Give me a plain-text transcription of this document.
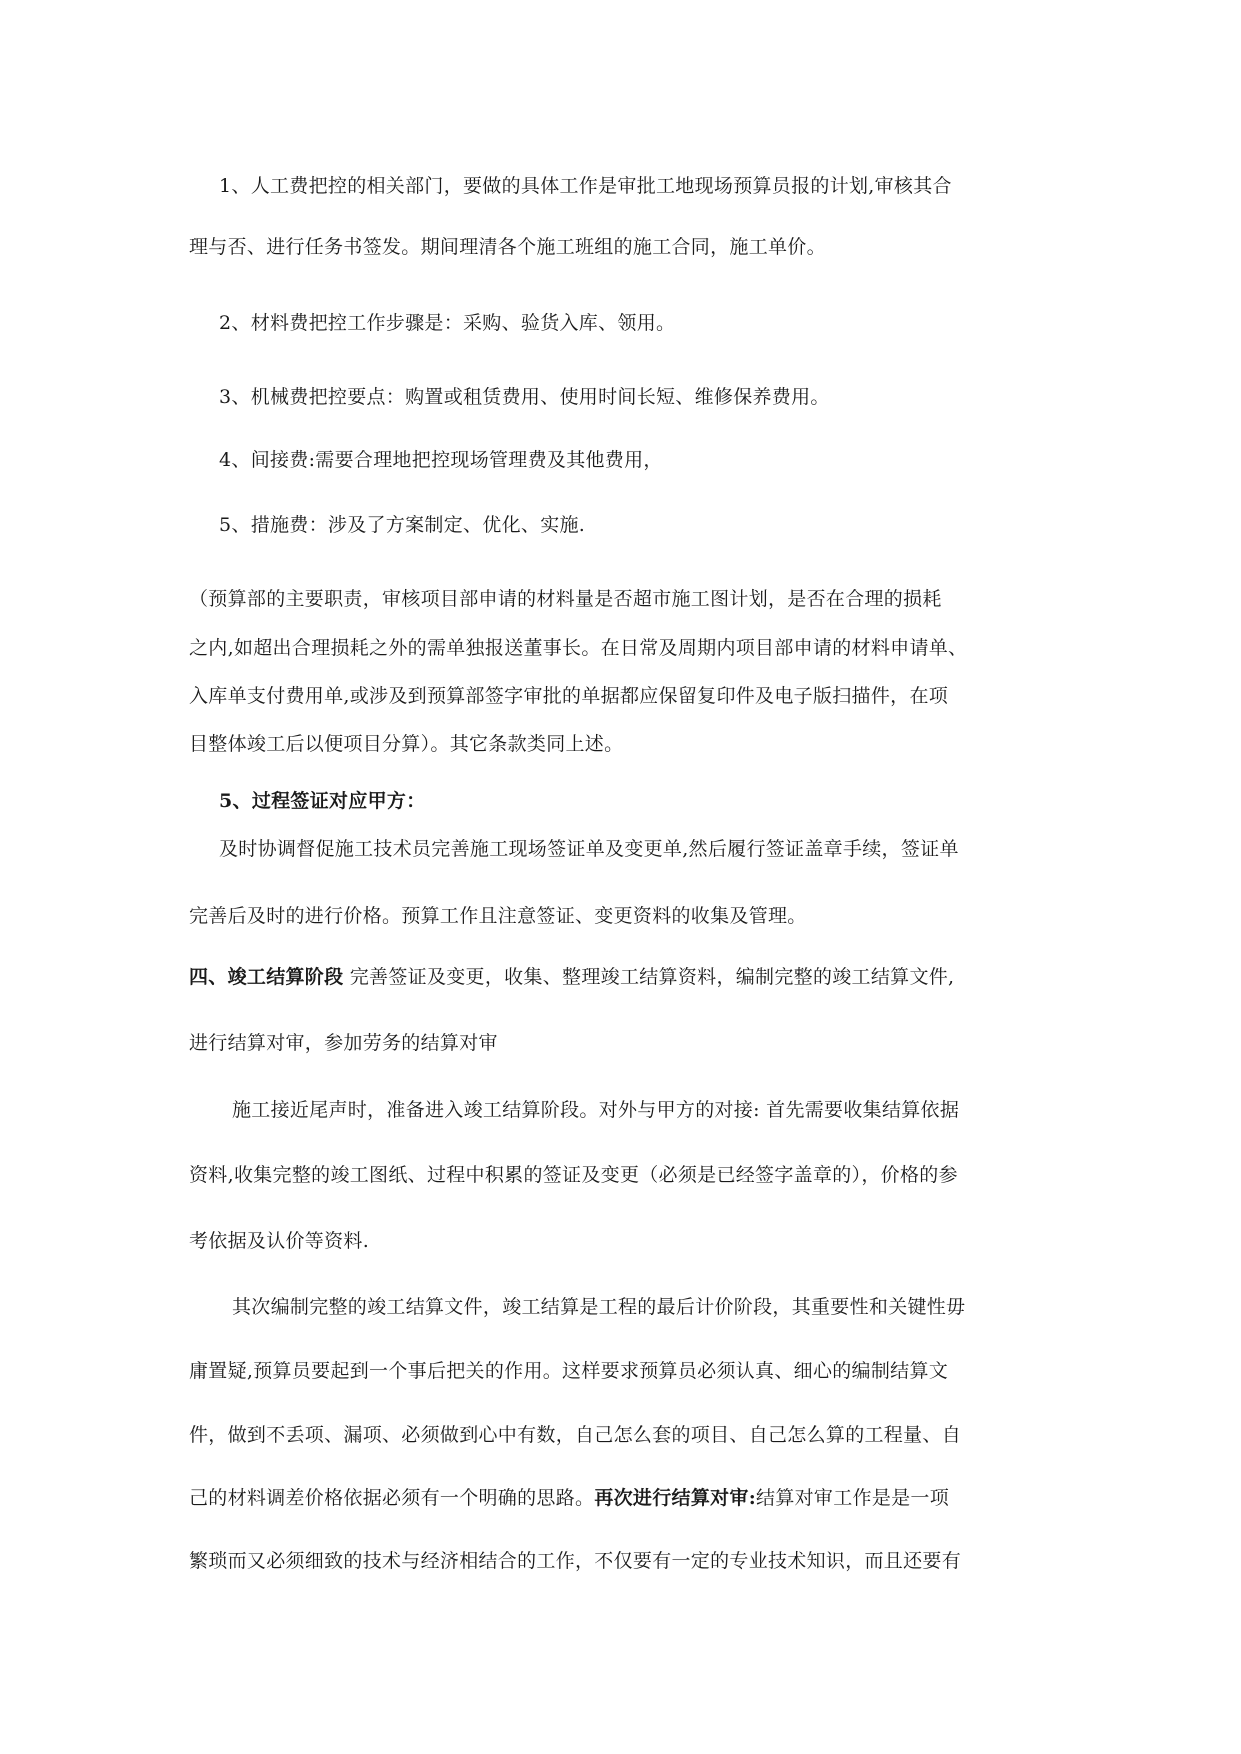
1、人工费把控的相关部门，要做的具体工作是审批工地现场预算员报的计划,审核其合
理与否、进行任务书签发。期间理清各个施工班组的施工合同，施工单价。
2、材料费把控工作步骤是：采购、验货入库、领用。
3、机械费把控要点：购置或租赁费用、使用时间长短、维修保养费用。
4、间接费:需要合理地把控现场管理费及其他费用，
5、措施费：涉及了方案制定、优化、实施.
（预算部的主要职责，审核项目部申请的材料量是否超市施工图计划，是否在合理的损耗
之内,如超出合理损耗之外的需单独报送董事长。在日常及周期内项目部申请的材料申请单、
入库单支付费用单,或涉及到预算部签字审批的单据都应保留复印件及电子版扫描件，在项
目整体竣工后以便项目分算）。其它条款类同上述。
5、过程签证对应甲方：
及时协调督促施工技术员完善施工现场签证单及变更单,然后履行签证盖章手续，签证单
完善后及时的进行价格。预算工作且注意签证、变更资料的收集及管理。
四、竣工结算阶段 完善签证及变更，收集、整理竣工结算资料，编制完整的竣工结算文件,
进行结算对审，参加劳务的结算对审
施工接近尾声时，准备进入竣工结算阶段。对外与甲方的对接: 首先需要收集结算依据
资料,收集完整的竣工图纸、过程中积累的签证及变更（必须是已经签字盖章的），价格的参
考依据及认价等资料.
其次编制完整的竣工结算文件，竣工结算是工程的最后计价阶段，其重要性和关键性毋
庸置疑,预算员要起到一个事后把关的作用。这样要求预算员必须认真、细心的编制结算文
件，做到不丢项、漏项、必须做到心中有数，自己怎么套的项目、自己怎么算的工程量、自
己的材料调差价格依据必须有一个明确的思路。再次进行结算对审:结算对审工作是是一项
繁琐而又必须细致的技术与经济相结合的工作，不仅要有一定的专业技术知识，而且还要有
